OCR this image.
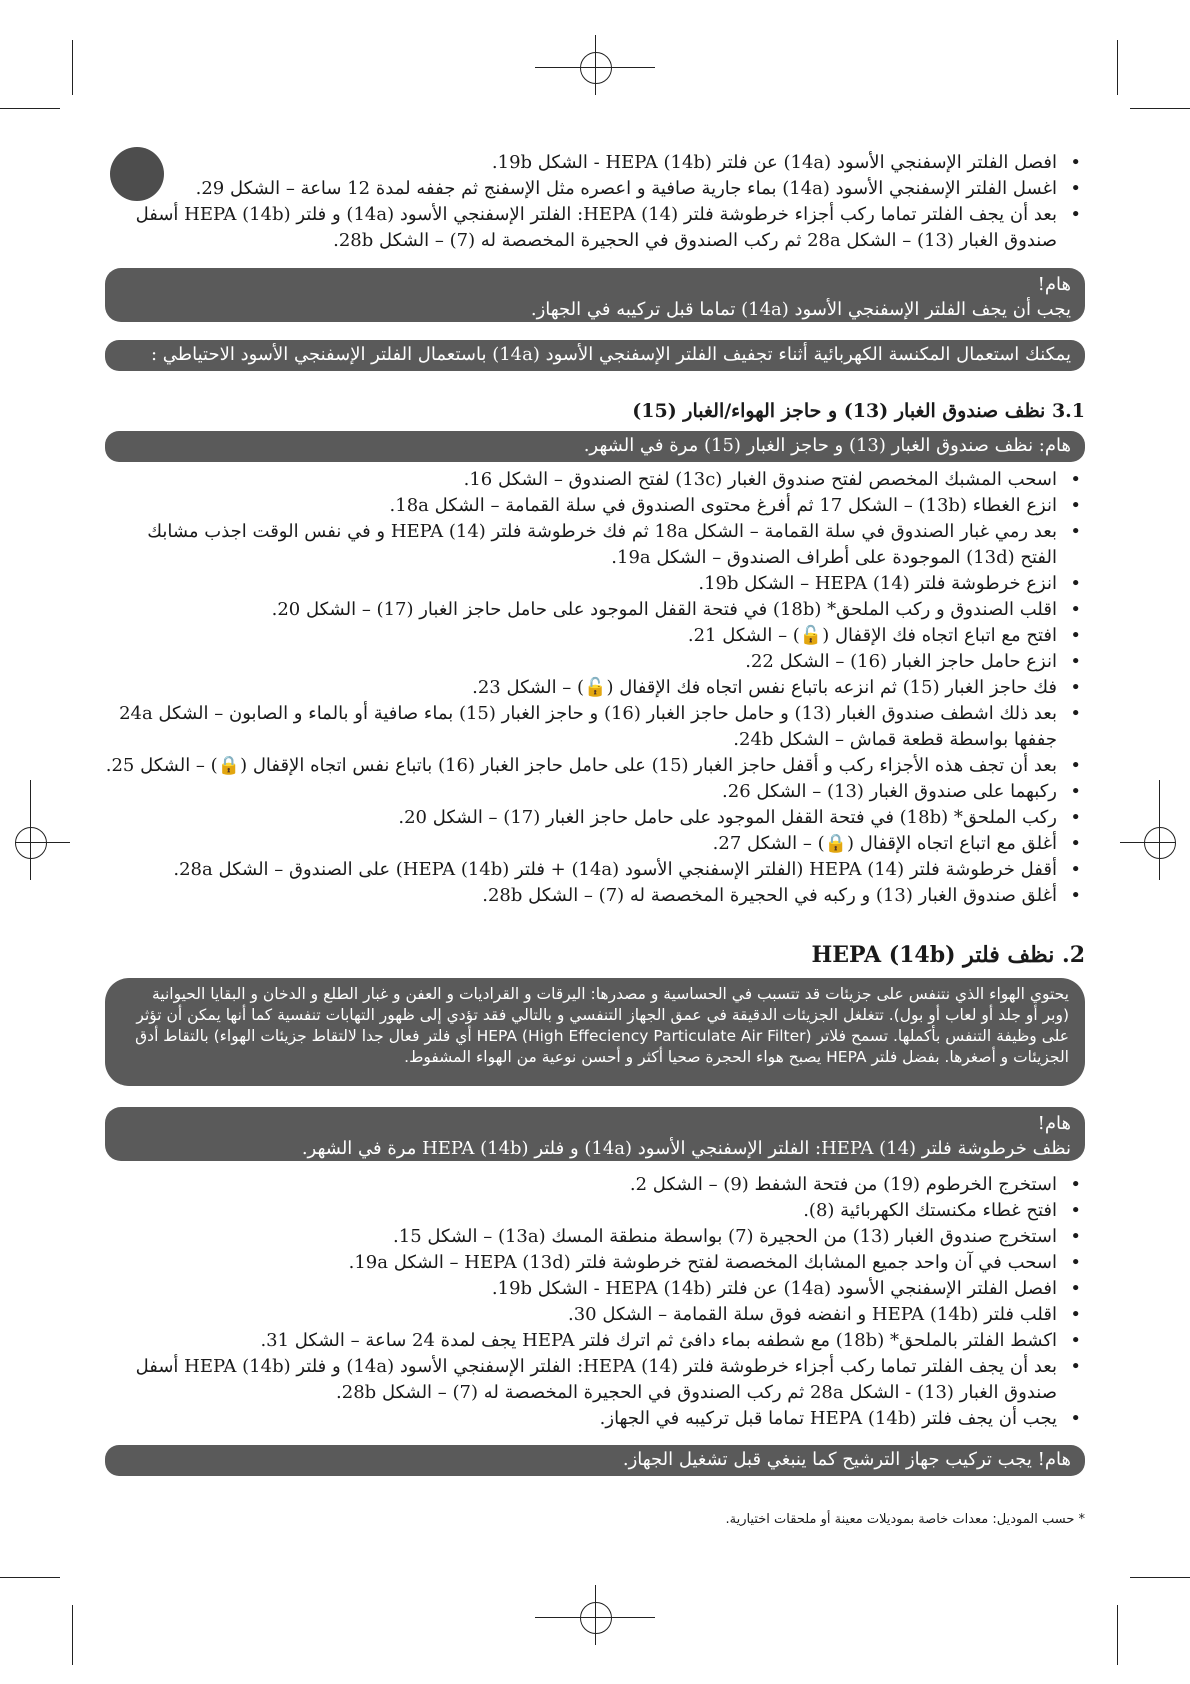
• افصل الفلتر الإسفنجي الأسود (14a) عن فلتر HEPA (14b) - الشكل 19b.
• اغسل الفلتر الإسفنجي الأسود (14a) بماء جارية صافية و اعصره مثل الإسفنج ثم جففه لمدة 12 ساعة – الشكل 29.
• بعد أن يجف الفلتر تماما ركب أجزاء خرطوشة فلتر HEPA (14): الفلتر الإسفنجي الأسود (14a) و فلتر HEPA (14b) أسفل صندوق الغبار (13) – الشكل 28a ثم ركب الصندوق في الحجيرة المخصصة له (7) – الشكل 28b.
هام!
يجب أن يجف الفلتر الإسفنجي الأسود (14a) تماما قبل تركيبه في الجهاز.
يمكنك استعمال المكنسة الكهربائية أثناء تجفيف الفلتر الإسفنجي الأسود (14a) باستعمال الفلتر الإسفنجي الأسود الاحتياطي : (14a مكرر).
3.1 نظف صندوق الغبار (13) و حاجز الهواء/الغبار (15)
هام: نظف صندوق الغبار (13) و حاجز الغبار (15) مرة في الشهر.
• اسحب المشبك المخصص لفتح صندوق الغبار (13c) لفتح الصندوق – الشكل 16.
• انزع الغطاء (13b) – الشكل 17 ثم أفرغ محتوى الصندوق في سلة القمامة – الشكل 18a.
• بعد رمي غبار الصندوق في سلة القمامة – الشكل 18a ثم فك خرطوشة فلتر HEPA (14) و في نفس الوقت اجذب مشابك الفتح (13d) الموجودة على أطراف الصندوق – الشكل 19a.
• انزع خرطوشة فلتر HEPA (14) – الشكل 19b.
• اقلب الصندوق و ركب الملحق* (18b) في فتحة القفل الموجود على حامل حاجز الغبار (17) – الشكل 20.
• افتح مع اتباع اتجاه فك الإقفال (🔓) – الشكل 21.
• انزع حامل حاجز الغبار (16) – الشكل 22.
• فك حاجز الغبار (15) ثم انزعه باتباع نفس اتجاه فك الإقفال (🔓) – الشكل 23.
• بعد ذلك اشطف صندوق الغبار (13) و حامل حاجز الغبار (16) و حاجز الغبار (15) بماء صافية أو بالماء و الصابون – الشكل 24a جففها بواسطة قطعة قماش – الشكل 24b.
• بعد أن تجف هذه الأجزاء ركب و أقفل حاجز الغبار (15) على حامل حاجز الغبار (16) باتباع نفس اتجاه الإقفال (🔒) – الشكل 25.
• ركبهما على صندوق الغبار (13) – الشكل 26.
• ركب الملحق* (18b) في فتحة القفل الموجود على حامل حاجز الغبار (17) – الشكل 20.
• أغلق مع اتباع اتجاه الإقفال (🔒) – الشكل 27.
• أقفل خرطوشة فلتر HEPA (14) (الفلتر الإسفنجي الأسود (14a) + فلتر HEPA (14b)) على الصندوق – الشكل 28a.
• أغلق صندوق الغبار (13) و ركبه في الحجيرة المخصصة له (7) – الشكل 28b.
2. نظف فلتر HEPA (14b)
يحتوي الهواء الذي نتنفس على جزيئات قد تتسبب في الحساسية و مصدرها: اليرقات و القراديات و العفن و غبار الطلع و الدخان و البقايا الحيوانية (وبر أو جلد أو لعاب أو بول). تتغلغل الجزيئات الدقيقة في عمق الجهاز التنفسي و بالتالي فقد تؤدي إلى ظهور التهابات تنفسية كما أنها يمكن أن تؤثر على وظيفة التنفس بأكملها. تسمح فلاتر HEPA (High Effeciency Particulate Air Filter) أي فلتر فعال جدا لالتقاط جزيئات الهواء) بالتقاط أدق الجزيئات و أصغرها. بفضل فلتر HEPA يصبح هواء الحجرة صحيا أكثر و أحسن نوعية من الهواء المشفوط.
هام!
نظف خرطوشة فلتر HEPA (14): الفلتر الإسفنجي الأسود (14a) و فلتر HEPA (14b) مرة في الشهر.
• استخرج الخرطوم (19) من فتحة الشفط (9) – الشكل 2.
• افتح غطاء مكنستك الكهربائية (8).
• استخرج صندوق الغبار (13) من الحجيرة (7) بواسطة منطقة المسك (13a) – الشكل 15.
• اسحب في آن واحد جميع المشابك المخصصة لفتح خرطوشة فلتر HEPA (13d) – الشكل 19a.
• افصل الفلتر الإسفنجي الأسود (14a) عن فلتر HEPA (14b) - الشكل 19b.
• اقلب فلتر HEPA (14b) و انفضه فوق سلة القمامة – الشكل 30.
• اكشط الفلتر بالملحق* (18b) مع شطفه بماء دافئ ثم اترك فلتر HEPA يجف لمدة 24 ساعة – الشكل 31.
• بعد أن يجف الفلتر تماما ركب أجزاء خرطوشة فلتر HEPA (14): الفلتر الإسفنجي الأسود (14a) و فلتر HEPA (14b) أسفل صندوق الغبار (13) - الشكل 28a ثم ركب الصندوق في الحجيرة المخصصة له (7) – الشكل 28b.
• يجب أن يجف فلتر HEPA (14b) تماما قبل تركيبه في الجهاز.
هام! يجب تركيب جهاز الترشيح كما ينبغي قبل تشغيل الجهاز.
* حسب الموديل: معدات خاصة بموديلات معينة أو ملحقات اختيارية.
